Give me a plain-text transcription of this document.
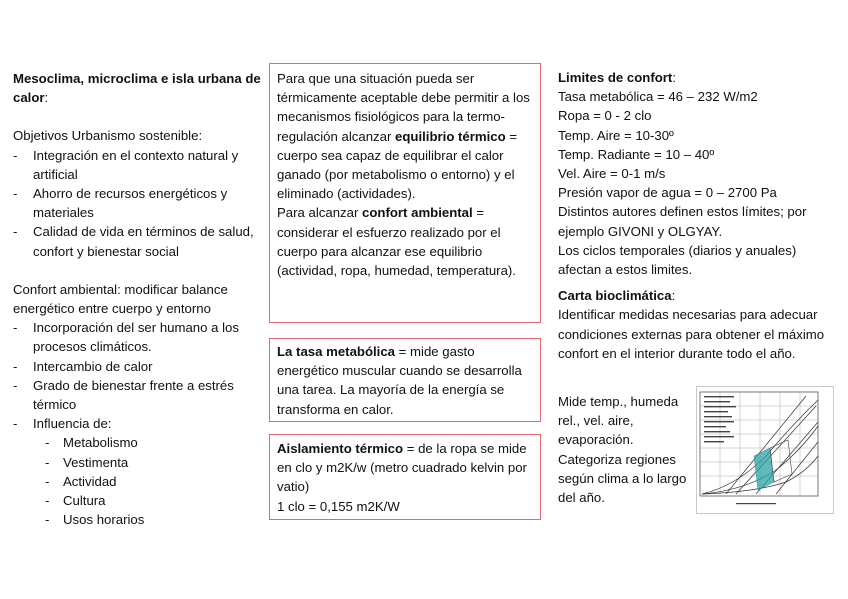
Mesoclima, microclima e isla urbana de calor:

Objetivos Urbanismo sostenible:

- Integración en el contexto natural y artificial
- Ahorro de recursos energéticos y materiales
- Calidad de vida en términos de salud, confort y bienestar social

Confort ambiental: modificar balance energético entre cuerpo y entorno

- Incorporación del ser humano a los procesos climáticos.
- Intercambio de calor
- Grado de bienestar frente a estrés térmico
- Influencia de:
- Metabolismo
- Vestimenta
- Actividad
- Cultura
- Usos horarios

Para que una situación pueda ser térmicamente aceptable debe permitir a los mecanismos fisiológicos para la termo-regulación alcanzar equilibrio térmico = cuerpo sea capaz de equilibrar el calor ganado (por metabolismo o entorno) y el eliminado (actividades).

Para alcanzar confort ambiental = considerar el esfuerzo realizado por el cuerpo para alcanzar ese equilibrio (actividad, ropa, humedad, temperatura).

La tasa metabólica = mide gasto energético muscular cuando se desarrolla una tarea. La mayoría de la energía se transforma en calor.

Aislamiento térmico = de la ropa se mide en clo y m2K/w (metro cuadrado kelvin por vatio)

1 clo = 0,155 m2K/W

Limites de confort:

Tasa metabólica = 46 – 232 W/m2

Ropa = 0 - 2 clo

Temp. Aire = 10-30º

Temp. Radiante = 10 – 40º

Vel. Aire = 0-1 m/s

Presión vapor de agua = 0 – 2700 Pa

Distintos autores definen estos límites; por ejemplo GIVONI y OLGYAY.

Los ciclos temporales (diarios y anuales) afectan a estos limites.

Carta bioclimática:

Identificar medidas necesarias para adecuar condiciones externas para obtener el máximo confort en el interior durante todo el año.

Mide temp., humeda rel., vel. aire, evaporación. Categoriza regiones según clima a lo largo del año.
